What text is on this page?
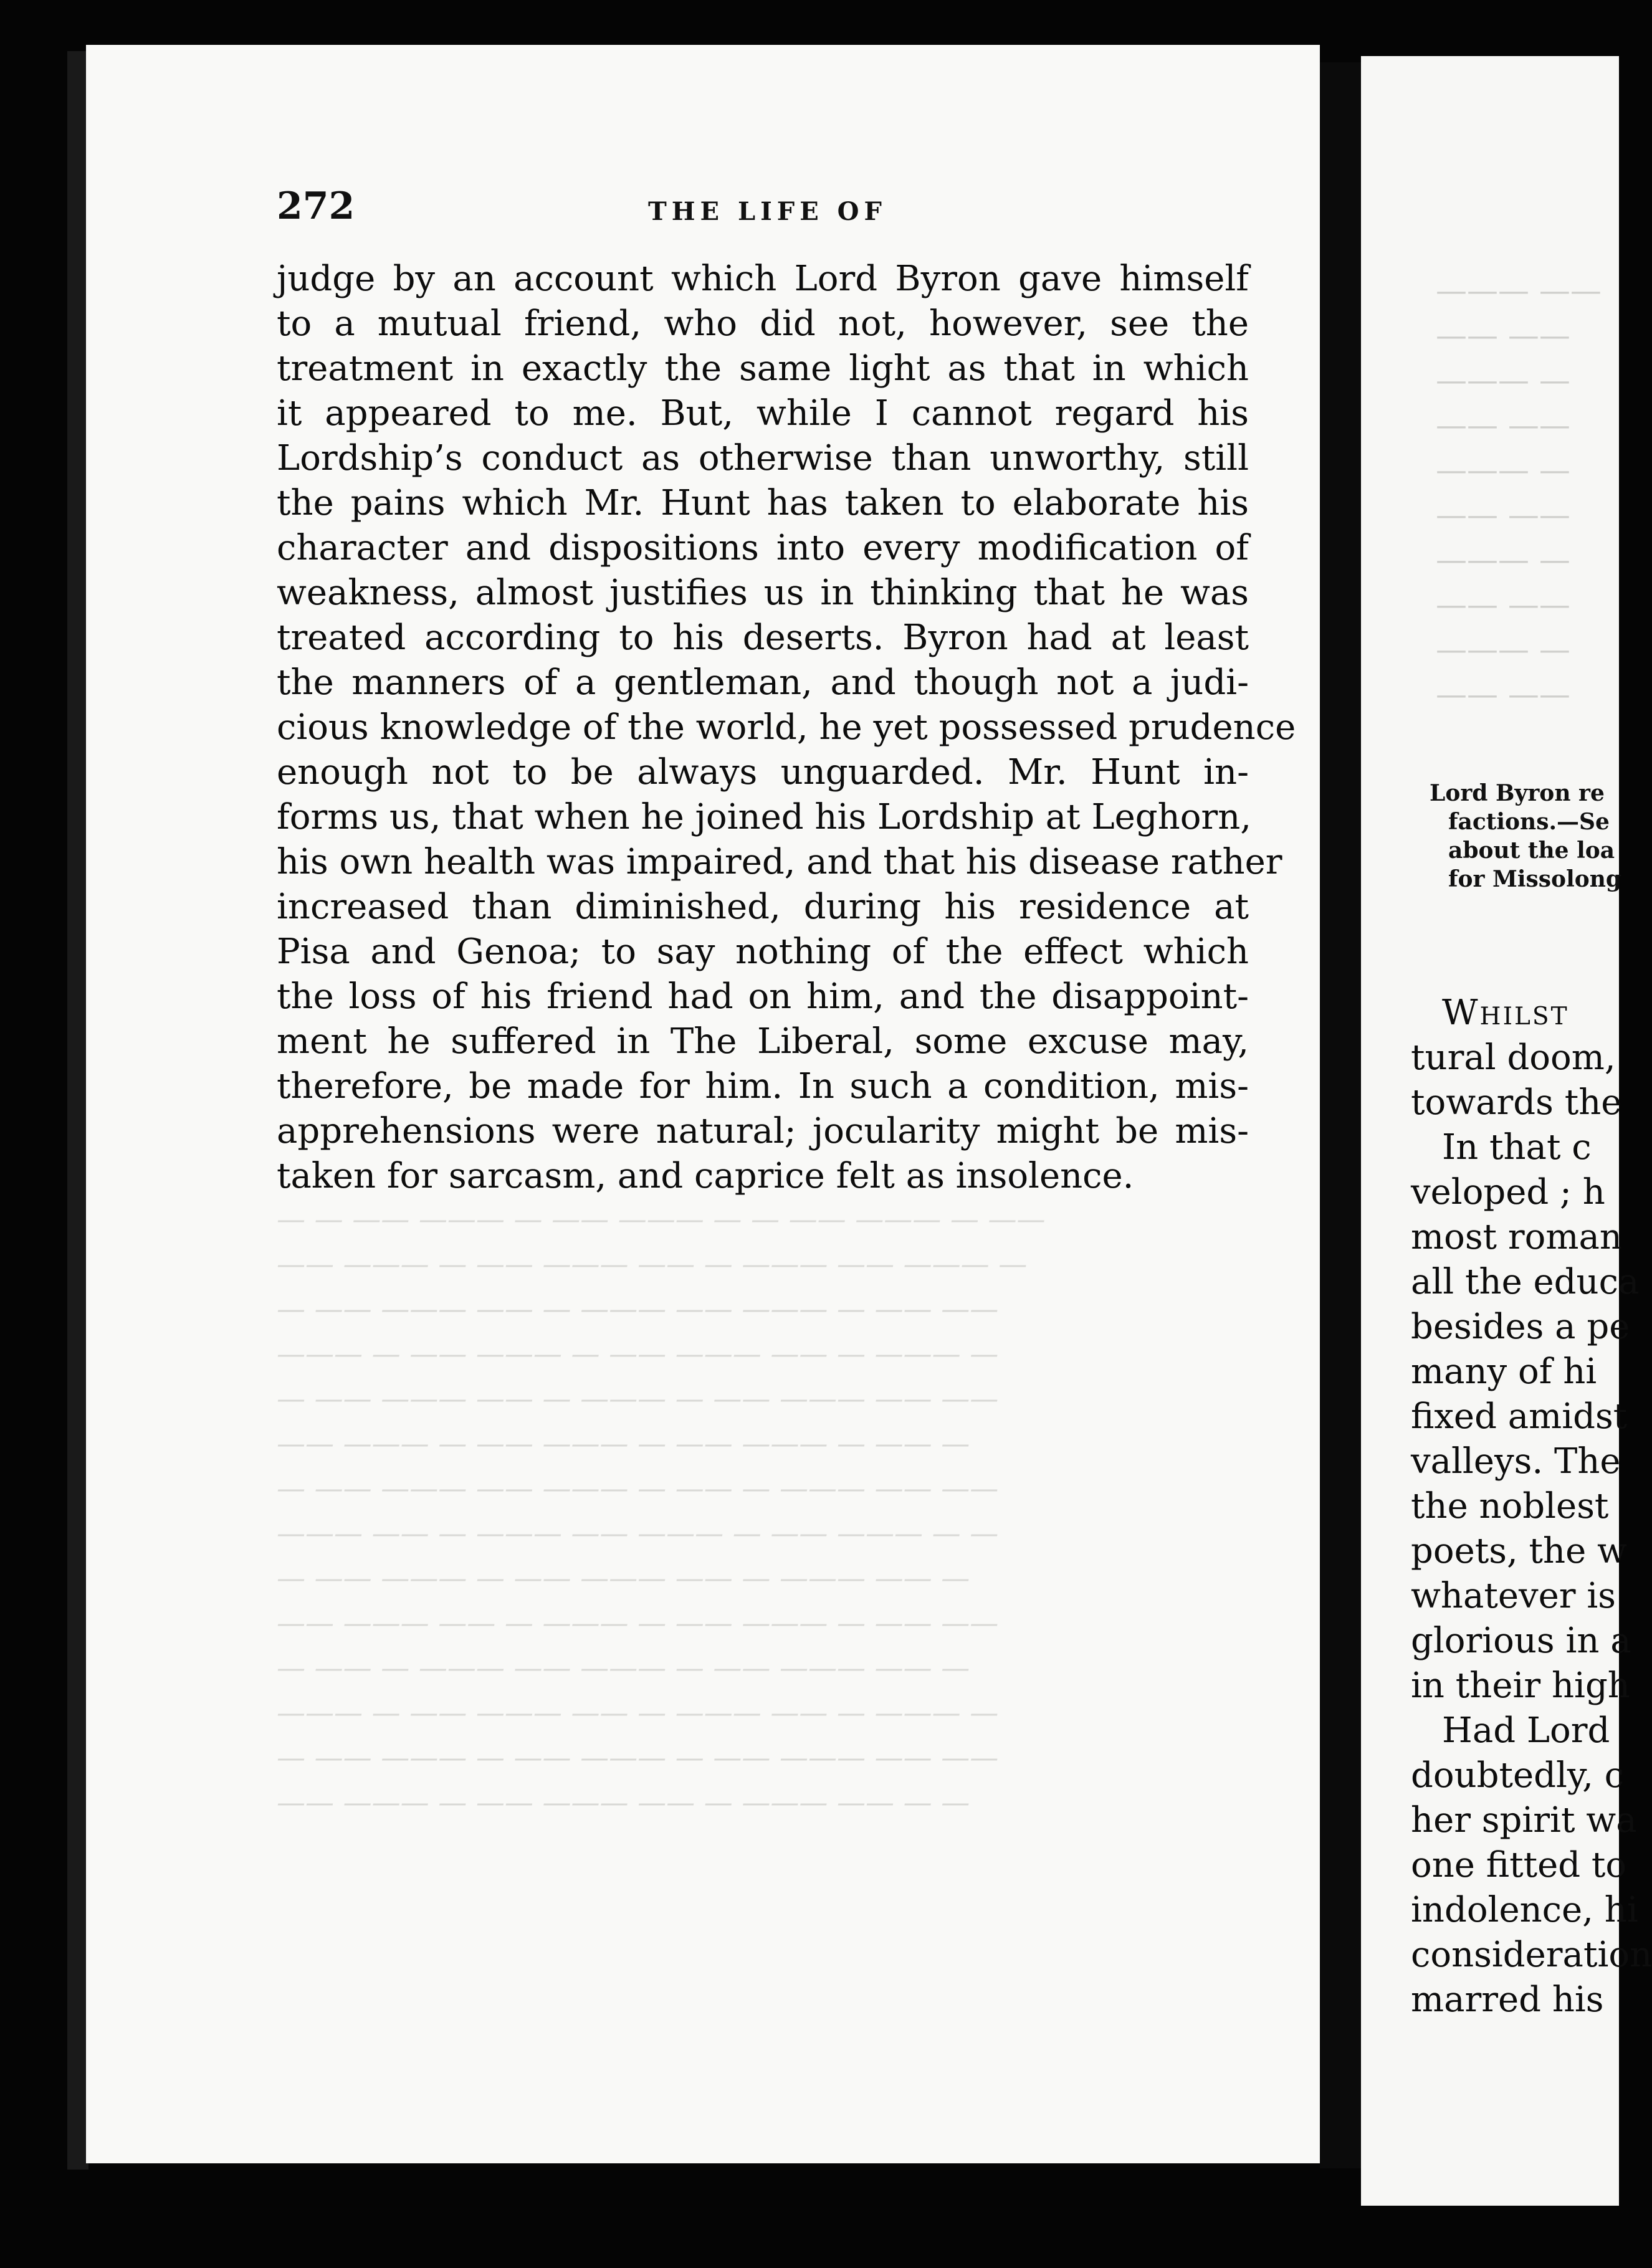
272	THE LIFE OF
judge by an account which Lord Byron gave himself
to a mutual friend, who did not, however, see the
treatment in exactly the same light as that in which
it appeared to me. But, while I cannot regard his
Lordship’s conduct as otherwise than unworthy, still
the pains which Mr. Hunt has taken to elaborate his
character and dispositions into every modification of
weakness, almost justifies us in thinking that he was
treated according to his deserts. Byron had at least
the manners of a gentleman, and though not a judi-
cious knowledge of the world, he yet possessed prudence
enough not to be always unguarded. Mr. Hunt in-
forms us, that when he joined his Lordship at Leghorn,
his own health was impaired, and that his disease rather
increased than diminished, during his residence at
Pisa and Genoa; to say nothing of the effect which
the loss of his friend had on him, and the disappoint-
ment he suffered in The Liberal, some excuse may,
therefore, be made for him. In such a condition, mis-
apprehensions were natural; jocularity might be mis-
taken for sarcasm, and caprice felt as insolence.
— — —— ——— — —— ——— — — —— ——— — ——
—— ——— — —— ——— —— — ——— —— ——— —
— —— ——— —— — ——— —— ——— — —— ——
——— — —— ——— — —— ——— —— — ——— —
— —— ——— —— — ——— — —— ——— —— ——
—— ——— — —— ——— — —— ——— — —— —
— —— ——— —— ——— — —— — ——— —— ——
——— —— — ——— —— ——— — —— ——— — —
— —— ——— — —— ——— —— — ——— —— —
—— ——— —— — ——— — —— ——— — —— ——
— —— — ——— —— ——— — —— ——— —— —
——— — —— ——— —— — ——— —— — ——— —
— —— ——— — —— ——— — —— ——— —— ——
—— ——— — —— ——— —— — ——— —— — —
——— ——
—— ——
——— —
—— ——
——— —
—— ——
——— —
—— ——
——— —
—— ——
Lord Byron re
factions.—Se
about the loa
for Missolong
Whilst
tural doom,
towards the
In that c
veloped ; h
most roman
all the educa
besides a pe
many of hi
fixed amidst
valleys. The
the noblest
poets, the w
whatever is
glorious in a
in their high
Had Lord
doubtedly, c
her spirit wa
one fitted to
indolence, hi
consideration
marred his
